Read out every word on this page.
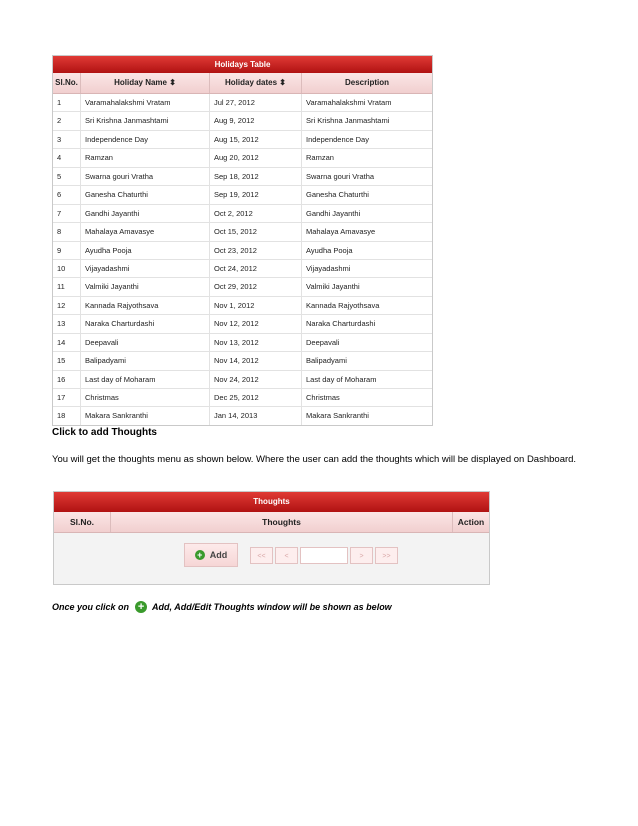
Holidays Table
Sl.No.	Holiday Name ⬍	Holiday dates ⬍	Description
1	Varamahalakshmi Vratam	Jul 27, 2012	Varamahalakshmi Vratam
2	Sri Krishna Janmashtami	Aug 9, 2012	Sri Krishna Janmashtami
3	Independence Day	Aug 15, 2012	Independence Day
4	Ramzan	Aug 20, 2012	Ramzan
5	Swarna gouri Vratha	Sep 18, 2012	Swarna gouri Vratha
6	Ganesha Chaturthi	Sep 19, 2012	Ganesha Chaturthi
7	Gandhi Jayanthi	Oct 2, 2012	Gandhi Jayanthi
8	Mahalaya Amavasye	Oct 15, 2012	Mahalaya Amavasye
9	Ayudha Pooja	Oct 23, 2012	Ayudha Pooja
10	Vijayadashmi	Oct 24, 2012	Vijayadashmi
11	Valmiki Jayanthi	Oct 29, 2012	Valmiki Jayanthi
12	Kannada Rajyothsava	Nov 1, 2012	Kannada Rajyothsava
13	Naraka Charturdashi	Nov 12, 2012	Naraka Charturdashi
14	Deepavali	Nov 13, 2012	Deepavali
15	Balipadyami	Nov 14, 2012	Balipadyami
16	Last day of Moharam	Nov 24, 2012	Last day of Moharam
17	Christmas	Dec 25, 2012	Christmas
18	Makara Sankranthi	Jan 14, 2013	Makara Sankranthi
Click to add Thoughts
You will get the thoughts menu as shown below. Where the user can add the thoughts which will be displayed on Dashboard.
Thoughts
Sl.No.	Thoughts	Action
+ Add	<<	<	>	>>
Once you click on + Add, Add/Edit Thoughts window will be shown as below
